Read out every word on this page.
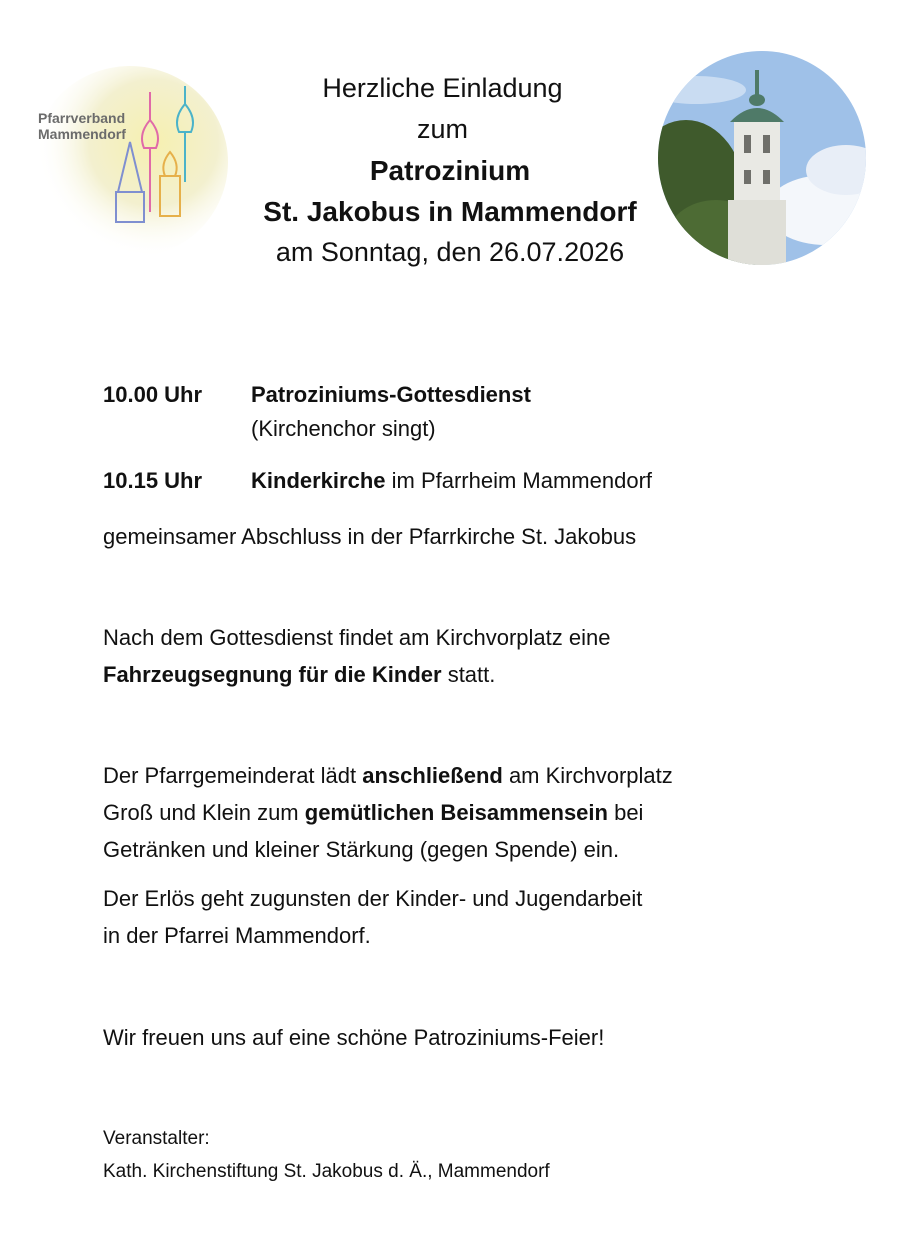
Pfarrverband
Mammendorf
Herzliche Einladung
zum
Patrozinium
St. Jakobus in Mammendorf
am Sonntag, den 26.07.2026
10.00 Uhr	Patroziniums-Gottesdienst
(Kirchenchor singt)
10.15 Uhr	Kinderkirche im Pfarrheim Mammendorf
gemeinsamer Abschluss in der Pfarrkirche St. Jakobus
Nach dem Gottesdienst findet am Kirchvorplatz eine
Fahrzeugsegnung für die Kinder statt.
Der Pfarrgemeinderat lädt anschließend am Kirchvorplatz
Groß und Klein zum gemütlichen Beisammensein bei
Getränken und kleiner Stärkung (gegen Spende) ein.
Der Erlös geht zugunsten der Kinder- und Jugendarbeit
in der Pfarrei Mammendorf.
Wir freuen uns auf eine schöne Patroziniums-Feier!
Veranstalter:
Kath. Kirchenstiftung St. Jakobus d. Ä., Mammendorf
